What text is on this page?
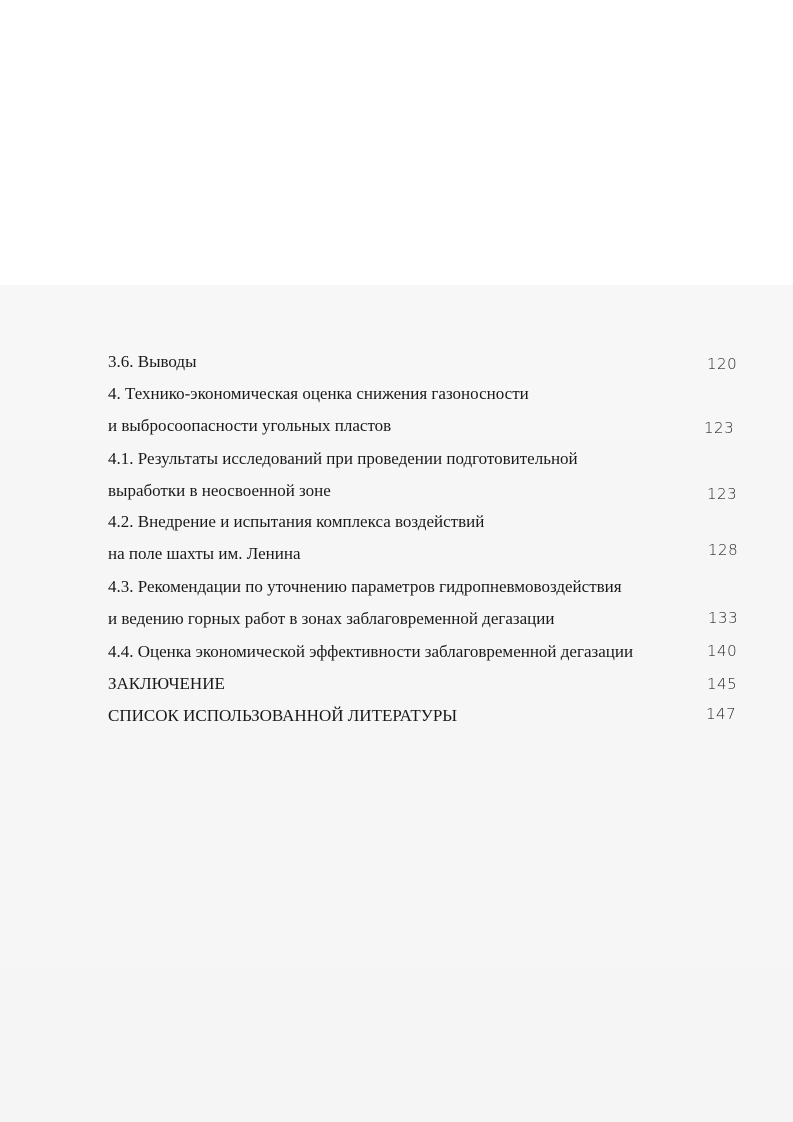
3.6. Выводы	120
4. Технико-экономическая оценка снижения газоносности
и выбросоопасности угольных пластов	123
4.1. Результаты исследований при проведении подготовительной
выработки в неосвоенной зоне	123
4.2. Внедрение и испытания комплекса воздействий
на поле шахты им. Ленина	128
4.3. Рекомендации по уточнению параметров гидропневмовоздействия
и ведению горных работ в зонах заблаговременной дегазации	133
4.4. Оценка экономической эффективности заблаговременной дегазации	140
ЗАКЛЮЧЕНИЕ	145
СПИСОК ИСПОЛЬЗОВАННОЙ ЛИТЕРАТУРЫ	147
